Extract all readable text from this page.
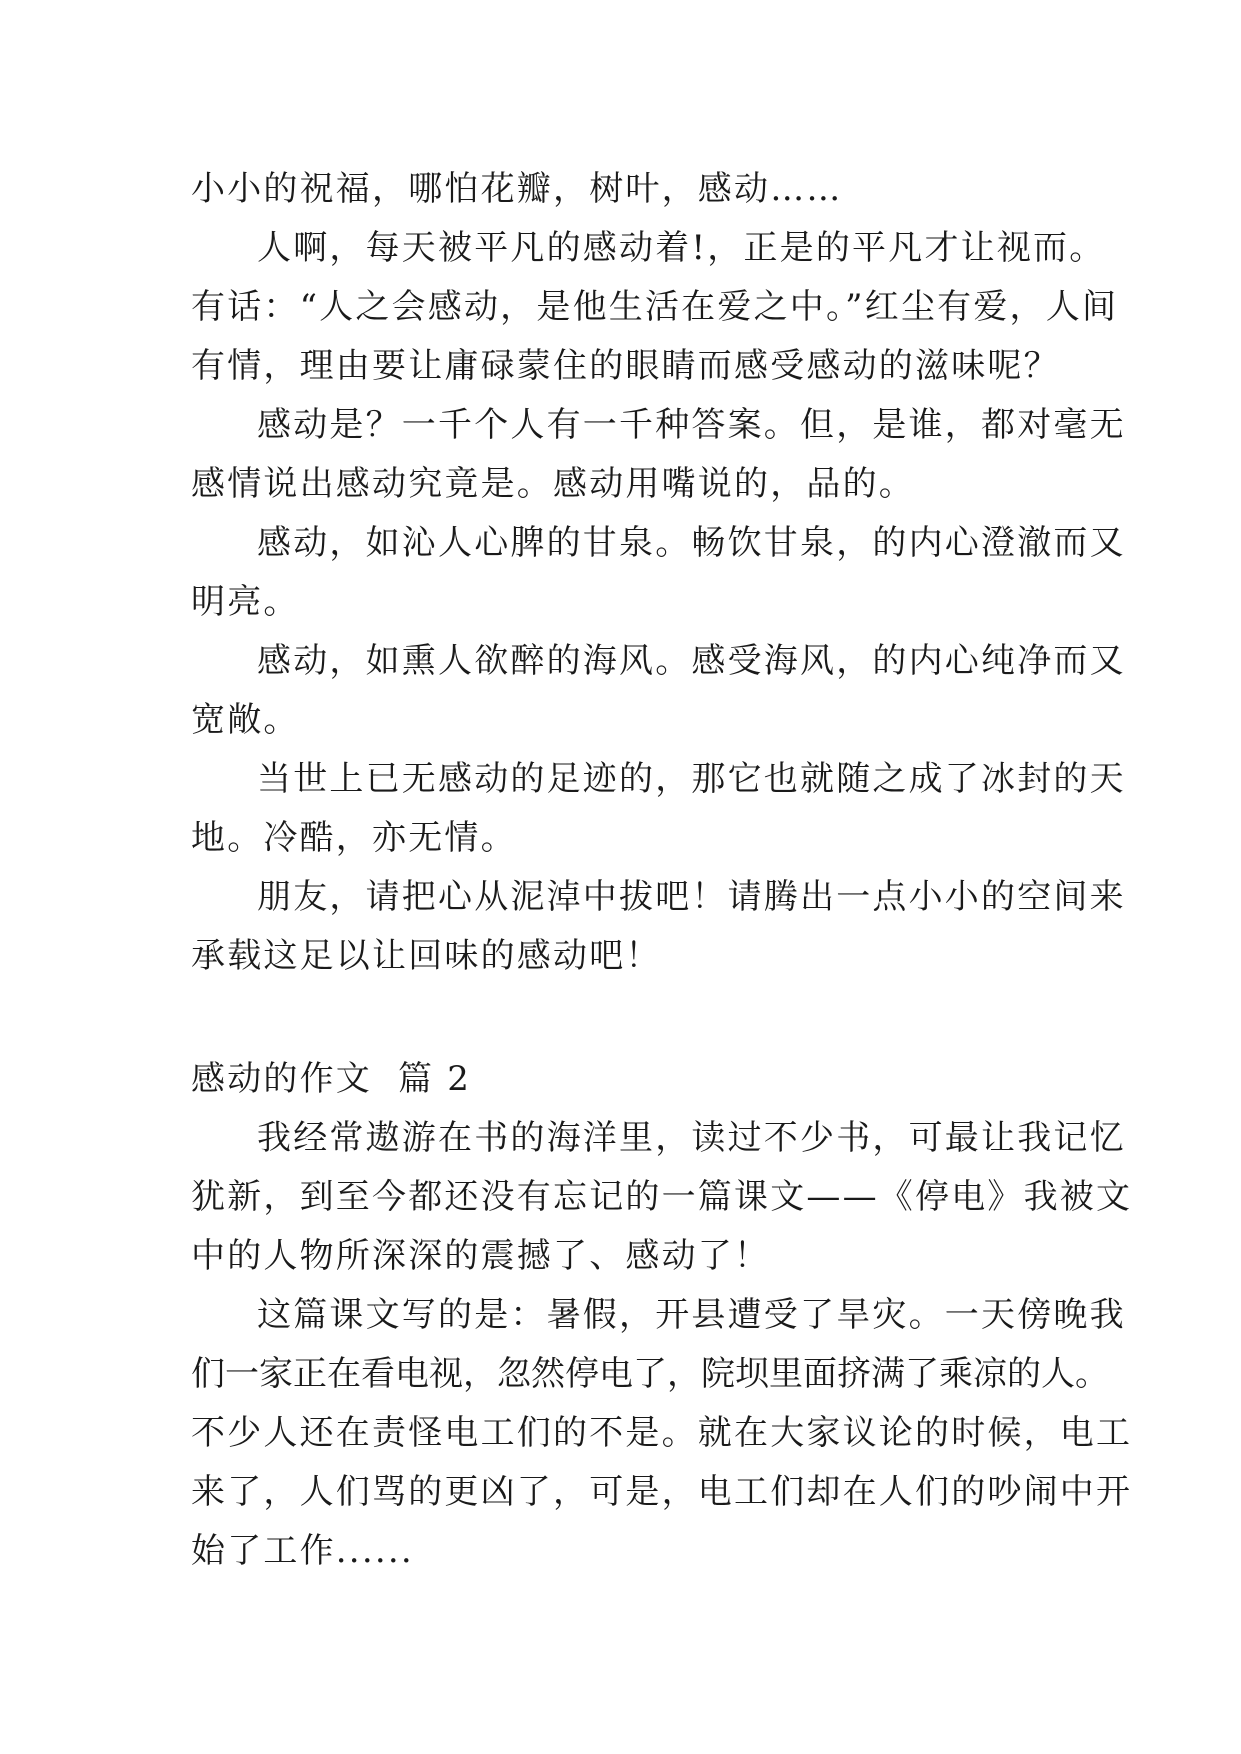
小小的祝福，哪怕花瓣，树叶，感动……
人啊，每天被平凡的感动着!，正是的平凡才让视而。
有话：“人之会感动，是他生活在爱之中。”红尘有爱，人间
有情，理由要让庸碌蒙住的眼睛而感受感动的滋味呢？
感动是？一千个人有一千种答案。但，是谁，都对毫无
感情说出感动究竟是。感动用嘴说的，品的。
感动，如沁人心脾的甘泉。畅饮甘泉，的内心澄澈而又
明亮。
感动，如熏人欲醉的海风。感受海风，的内心纯净而又
宽敞。
当世上已无感动的足迹的，那它也就随之成了冰封的天
地。冷酷，亦无情。
朋友，请把心从泥淖中拔吧！请腾出一点小小的空间来
承载这足以让回味的感动吧！
感动的作文  篇 2
我经常遨游在书的海洋里，读过不少书，可最让我记忆
犹新，到至今都还没有忘记的一篇课文——《停电》我被文
中的人物所深深的震撼了、感动了！
这篇课文写的是：暑假，开县遭受了旱灾。一天傍晚我
们一家正在看电视，忽然停电了，院坝里面挤满了乘凉的人。
不少人还在责怪电工们的不是。就在大家议论的时候，电工
来了，人们骂的更凶了，可是，电工们却在人们的吵闹中开
始了工作......
